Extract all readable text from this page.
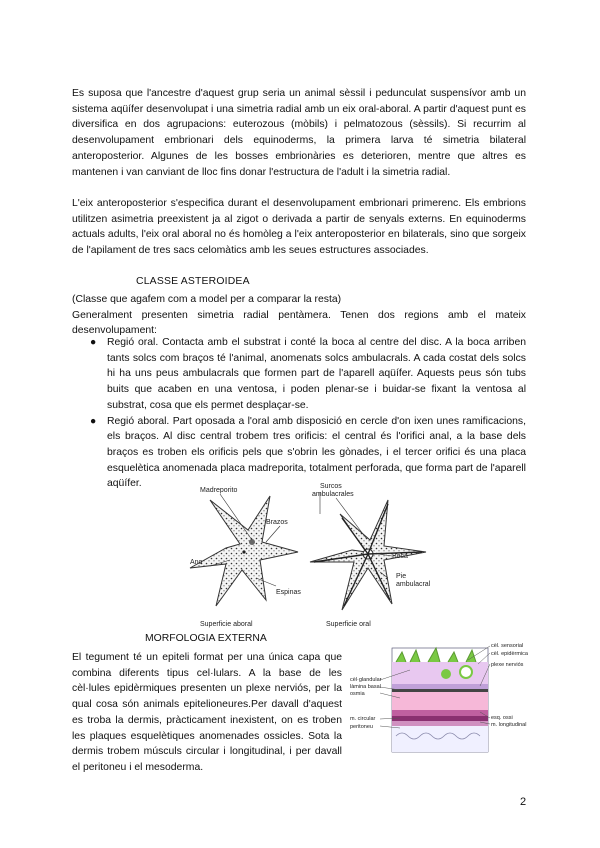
Es suposa que l'ancestre d'aquest grup seria un animal sèssil i pedunculat suspensívor amb un sistema aqüífer desenvolupat i una simetria radial amb un eix oral-aboral. A partir d'aquest punt es diversifica en dos agrupacions: euterozous (mòbils) i pelmatozous (sèssils). Si recurrim al desenvolupament embrionari dels equinoderms, la primera larva té simetria bilateral anteroposterior. Algunes de les bosses embrionàries es deterioren, mentre que altres es mantenen i van canviant de lloc fins donar l'estructura de l'adult i la simetria radial.

L'eix anteroposterior s'especifica durant el desenvolupament embrionari primerenc. Els embrions utilitzen asimetria preexistent ja al zigot o derivada a partir de senyals externs. En equinoderms actuals adults, l'eix oral aboral no és homòleg a l'eix anteroposterior en bilaterals, sino que sorgeix de l'apilament de tres sacs celomàtics amb les seues estructures associades.

CLASSE ASTEROIDEA

(Classe que agafem com a model per a comparar la resta)
Generalment presenten simetria radial pentàmera. Tenen dos regions amb el mateix desenvolupament:
● Regió oral. Contacta amb el substrat i conté la boca al centre del disc. A la boca arriben tants solcs com braços té l'animal, anomenats solcs ambulacrals. A cada costat dels solcs hi ha uns peus ambulacrals que formen part de l'aparell aqüífer. Aquests peus són tubs buits que acaben en una ventosa, i poden plenar-se i buidar-se fixant la ventosa al substrat, cosa que els permet desplaçar-se.
● Regió aboral. Part oposada a l'oral amb disposició en cercle d'on ixen unes ramificacions, els braços. Al disc central trobem tres orificis: el central és l'orifici anal, a la base dels braços es troben els orificis pels que s'obrin les gònades, i el tercer orifici és una placa esquelètica anomenada placa madreporita, totalment perforada, que forma part de l'aparell aqüífer.
Madreporito
Surcos
ambulacrales
Brazos
Boca
Ano
Espinas
Pie
ambulacral
Superficie aboral	Superficie oral

MORFOLOGIA EXTERNA

El tegument té un epiteli format per una única capa que combina diferents tipus cel·lulars. A la base de les cèl·lules epidèrmiques presenten un plexe nerviós, per la qual cosa són animals epitelioneures.Per davall d'aquest es troba la dermis, pràcticament inexistent, on es troben les plaques esquelètiques anomenades ossicles. Sota la dermis trobem músculs circular i longitudinal, i per davall el peritoneu i el mesoderma.

cèl·glandular
làmina basal
osmia
m. circular
peritoneu
cèl. sensorial
cèl. epidèrmica
plexe nerviós
esq. ossi
m. longitudinal

2
